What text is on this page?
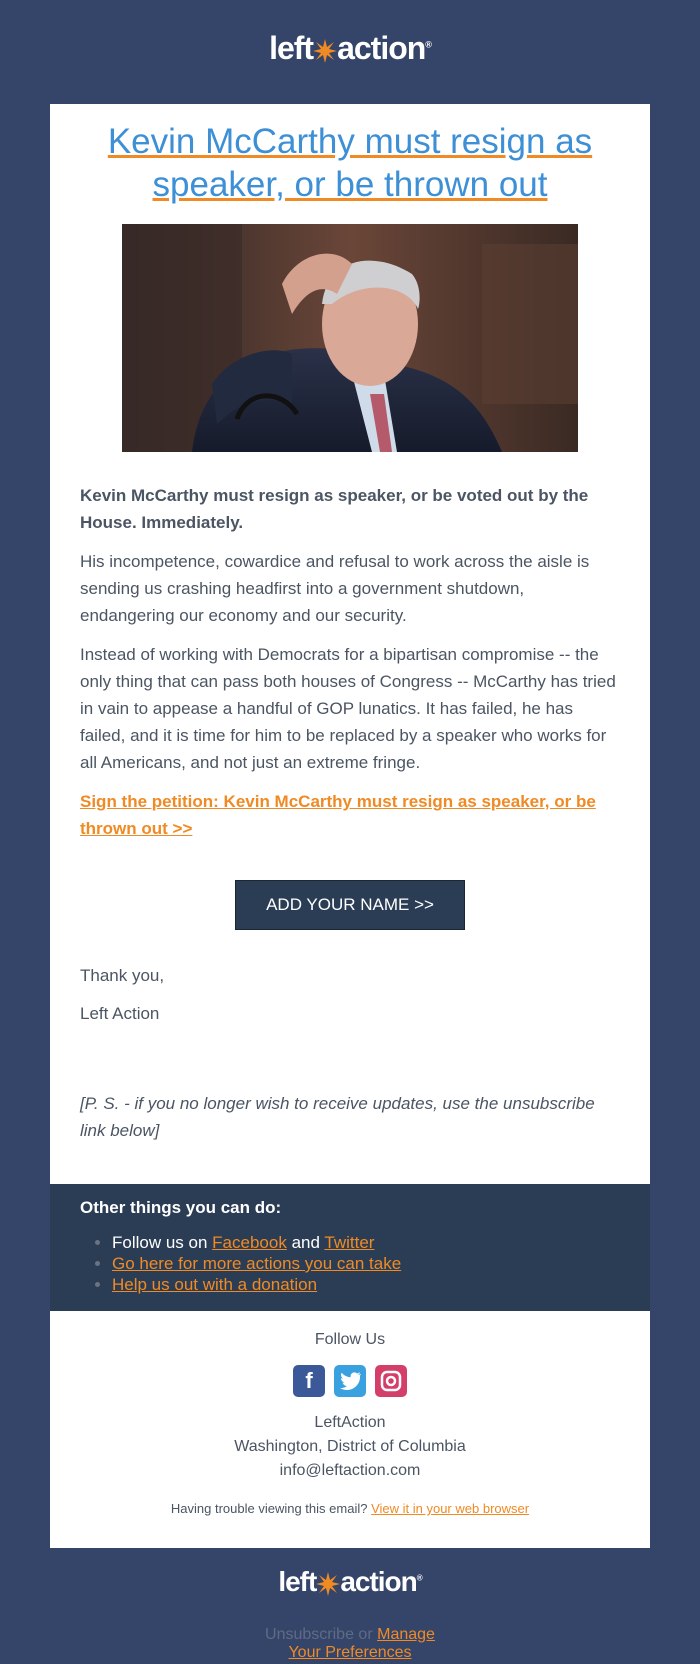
left action®
Kevin McCarthy must resign as speaker, or be thrown out

Kevin McCarthy must resign as speaker, or be voted out by the House. Immediately.

His incompetence, cowardice and refusal to work across the aisle is sending us crashing headfirst into a government shutdown, endangering our economy and our security.

Instead of working with Democrats for a bipartisan compromise -- the only thing that can pass both houses of Congress -- McCarthy has tried in vain to appease a handful of GOP lunatics. It has failed, he has failed, and it is time for him to be replaced by a speaker who works for all Americans, and not just an extreme fringe.

Sign the petition: Kevin McCarthy must resign as speaker, or be thrown out >>

ADD YOUR NAME >>

Thank you,

Left Action

[P. S. - if you no longer wish to receive updates, use the unsubscribe link below]

Other things you can do:
• Follow us on Facebook and Twitter
• Go here for more actions you can take
• Help us out with a donation
Follow Us
f
LeftAction
Washington, District of Columbia
info@leftaction.com
Having trouble viewing this email? View it in your web browser
left action®
Unsubscribe or Manage
Your Preferences
